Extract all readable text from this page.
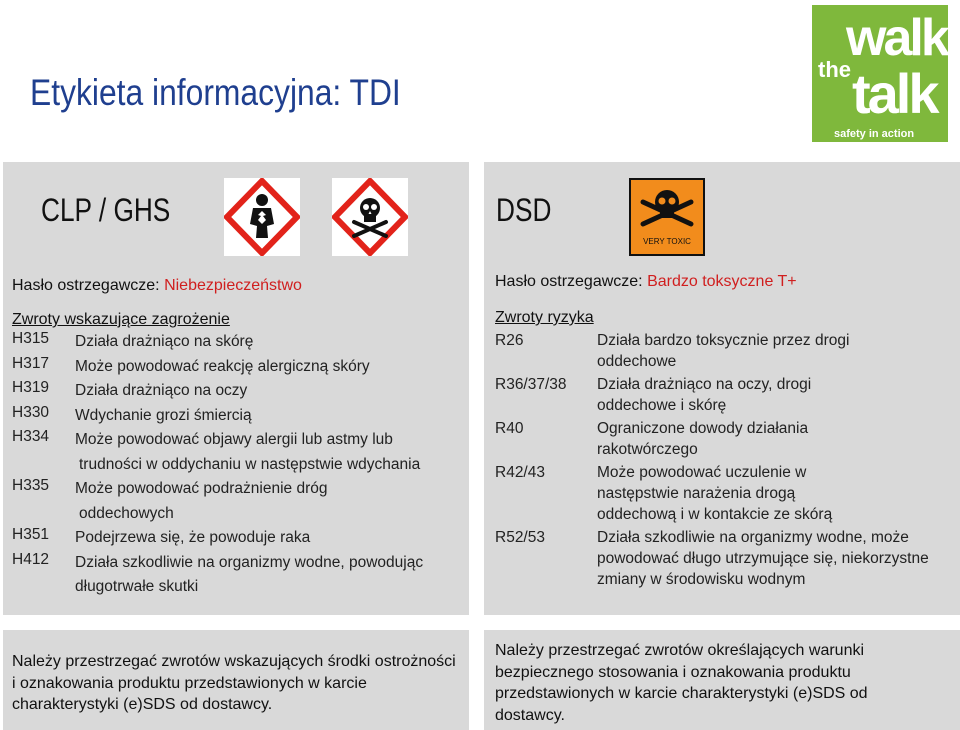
Etykieta informacyjna: TDI
walk
the talk
safety in action
CLP / GHS
Hasło ostrzegawcze: Niebezpieczeństwo
Zwroty wskazujące zagrożenie
H315 Działa drażniąco na skórę
H317 Może powodować reakcję alergiczną skóry
H319 Działa drażniąco na oczy
H330 Wdychanie grozi śmiercią
H334 Może powodować objawy alergii lub astmy lub
trudności w oddychaniu w następstwie wdychania
H335 Może powodować podrażnienie dróg
oddechowych
H351 Podejrzewa się, że powoduje raka
H412 Działa szkodliwie na organizmy wodne, powodując
długotrwałe skutki
DSD
VERY TOXIC
Hasło ostrzegawcze: Bardzo toksyczne T+
Zwroty ryzyka
R26	Działa bardzo toksycznie przez drogi oddechowe
R36/37/38 Działa drażniąco na oczy, drogi oddechowe i skórę
R40	Ograniczone dowody działania rakotwórczego
R42/43	Może powodować uczulenie w następstwie narażenia drogą oddechową i w kontakcie ze skórą
R52/53	Działa szkodliwie na organizmy wodne, może powodować długo utrzymujące się, niekorzystne zmiany w środowisku wodnym
Należy przestrzegać zwrotów wskazujących środki ostrożności i oznakowania produktu przedstawionych w karcie charakterystyki (e)SDS od dostawcy.
Należy przestrzegać zwrotów określających warunki bezpiecznego stosowania i oznakowania produktu przedstawionych w karcie charakterystyki (e)SDS od dostawcy.
